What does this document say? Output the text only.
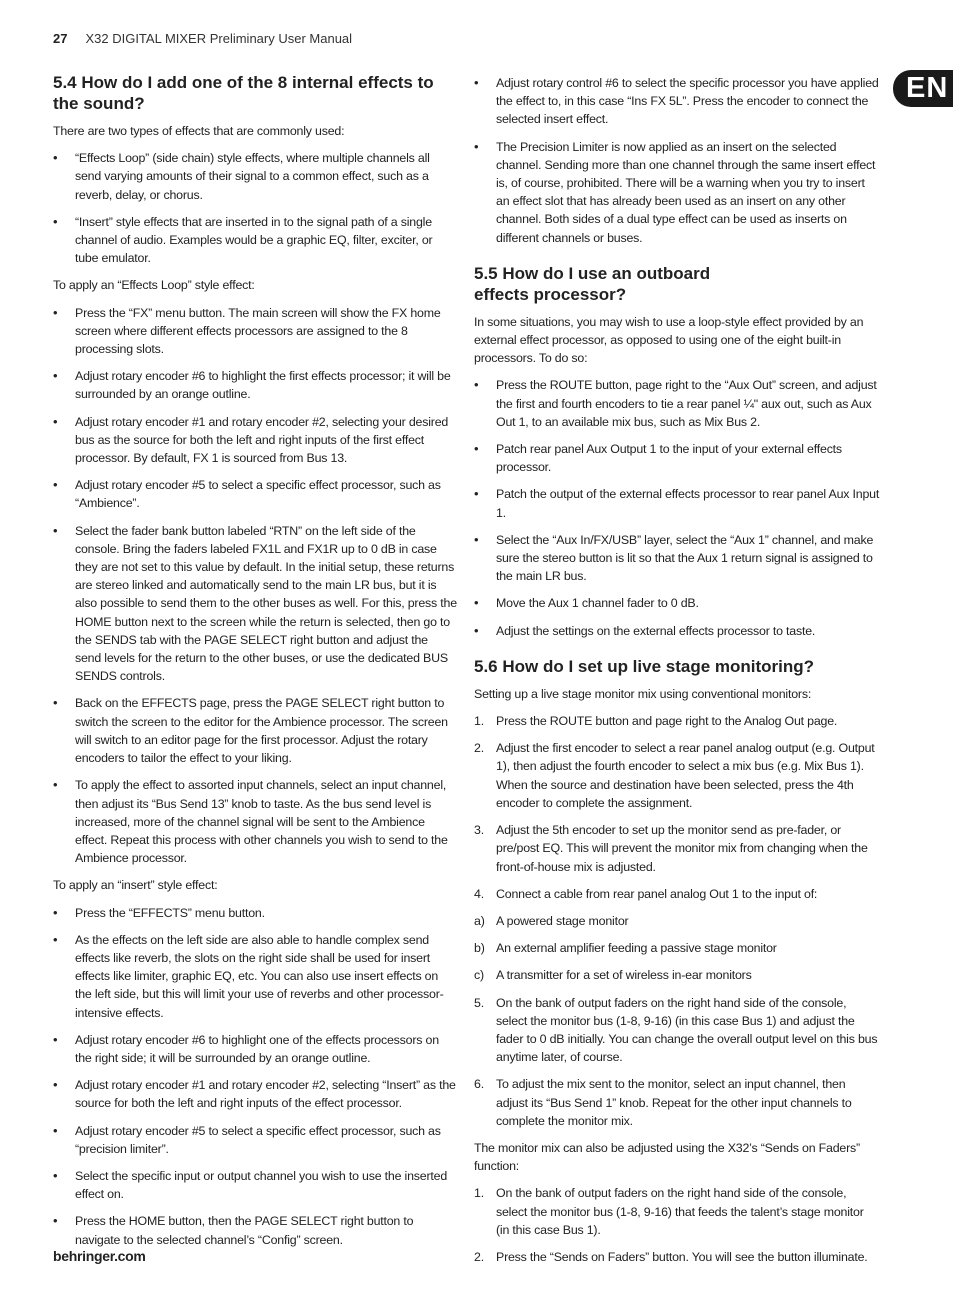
27 X32 DIGITAL MIXER Preliminary User Manual
EN
5.4 How do I add one of the 8 internal effects to the sound?

There are two types of effects that are commonly used:

•	“Effects Loop” (side chain) style effects, where multiple channels all send varying amounts of their signal to a common effect, such as a reverb, delay, or chorus.
•	“Insert” style effects that are inserted in to the signal path of a single channel of audio. Examples would be a graphic EQ, filter, exciter, or tube emulator.

To apply an “Effects Loop” style effect:

•	Press the “FX” menu button. The main screen will show the FX home screen where different effects processors are assigned to the 8 processing slots.
•	Adjust rotary encoder #6 to highlight the first effects processor; it will be surrounded by an orange outline.
•	Adjust rotary encoder #1 and rotary encoder #2, selecting your desired bus as the source for both the left and right inputs of the first effect processor. By default, FX 1 is sourced from Bus 13.
•	Adjust rotary encoder #5 to select a specific effect processor, such as “Ambience”.
•	Select the fader bank button labeled “RTN” on the left side of the console. Bring the faders labeled FX1L and FX1R up to 0 dB in case they are not set to this value by default. In the initial setup, these returns are stereo linked and automatically send to the main LR bus, but it is also possible to send them to the other buses as well. For this, press the HOME button next to the screen while the return is selected, then go to the SENDS tab with the PAGE SELECT right button and adjust the send levels for the return to the other buses, or use the dedicated BUS SENDS controls.
•	Back on the EFFECTS page, press the PAGE SELECT right button to switch the screen to the editor for the Ambience processor. The screen will switch to an editor page for the first processor. Adjust the rotary encoders to tailor the effect to your liking.
•	To apply the effect to assorted input channels, select an input channel, then adjust its “Bus Send 13” knob to taste. As the bus send level is increased, more of the channel signal will be sent to the Ambience effect. Repeat this process with other channels you wish to send to the Ambience processor.

To apply an “insert” style effect:

•	Press the “EFFECTS” menu button.
•	As the effects on the left side are also able to handle complex send effects like reverb, the slots on the right side shall be used for insert effects like limiter, graphic EQ, etc. You can also use insert effects on the left side, but this will limit your use of reverbs and other processor-intensive effects.
•	Adjust rotary encoder #6 to highlight one of the effects processors on the right side; it will be surrounded by an orange outline.
•	Adjust rotary encoder #1 and rotary encoder #2, selecting “Insert” as the source for both the left and right inputs of the effect processor.
•	Adjust rotary encoder #5 to select a specific effect processor, such as “precision limiter”.
•	Select the specific input or output channel you wish to use the inserted effect on.
•	Press the HOME button, then the PAGE SELECT right button to navigate to the selected channel’s “Config” screen.
•	Adjust rotary control #6 to select the specific processor you have applied the effect to, in this case “Ins FX 5L”. Press the encoder to connect the selected insert effect.
•	The Precision Limiter is now applied as an insert on the selected channel. Sending more than one channel through the same insert effect is, of course, prohibited. There will be a warning when you try to insert an effect slot that has already been used as an insert on any other channel. Both sides of a dual type effect can be used as inserts on different channels or buses.
5.5 How do I use an outboard effects processor?

In some situations, you may wish to use a loop-style effect provided by an external effect processor, as opposed to using one of the eight built-in processors. To do so:

•	Press the ROUTE button, page right to the “Aux Out” screen, and adjust the first and fourth encoders to tie a rear panel ¼" aux out, such as Aux Out 1, to an available mix bus, such as Mix Bus 2.
•	Patch rear panel Aux Output 1 to the input of your external effects processor.
•	Patch the output of the external effects processor to rear panel Aux Input 1.
•	Select the “Aux In/FX/USB” layer, select the “Aux 1” channel, and make sure the stereo button is lit so that the Aux 1 return signal is assigned to the main LR bus.
•	Move the Aux 1 channel fader to 0 dB.
•	Adjust the settings on the external effects processor to taste.
5.6 How do I set up live stage monitoring?

Setting up a live stage monitor mix using conventional monitors:

1. Press the ROUTE button and page right to the Analog Out page.
2. Adjust the first encoder to select a rear panel analog output (e.g. Output 1), then adjust the fourth encoder to select a mix bus (e.g. Mix Bus 1). When the source and destination have been selected, press the 4th encoder to complete the assignment.
3. Adjust the 5th encoder to set up the monitor send as pre-fader, or pre/post EQ. This will prevent the monitor mix from changing when the front-of-house mix is adjusted.
4. Connect a cable from rear panel analog Out 1 to the input of:
a) A powered stage monitor
b) An external amplifier feeding a passive stage monitor
c) A transmitter for a set of wireless in-ear monitors
5. On the bank of output faders on the right hand side of the console, select the monitor bus (1-8, 9-16) (in this case Bus 1) and adjust the fader to 0 dB initially. You can change the overall output level on this bus anytime later, of course.
6. To adjust the mix sent to the monitor, select an input channel, then adjust its “Bus Send 1” knob. Repeat for the other input channels to complete the monitor mix.

The monitor mix can also be adjusted using the X32’s “Sends on Faders” function:

1. On the bank of output faders on the right hand side of the console, select the monitor bus (1-8, 9-16) that feeds the talent’s stage monitor (in this case Bus 1).
2. Press the “Sends on Faders” button. You will see the button illuminate.
behringer.com
